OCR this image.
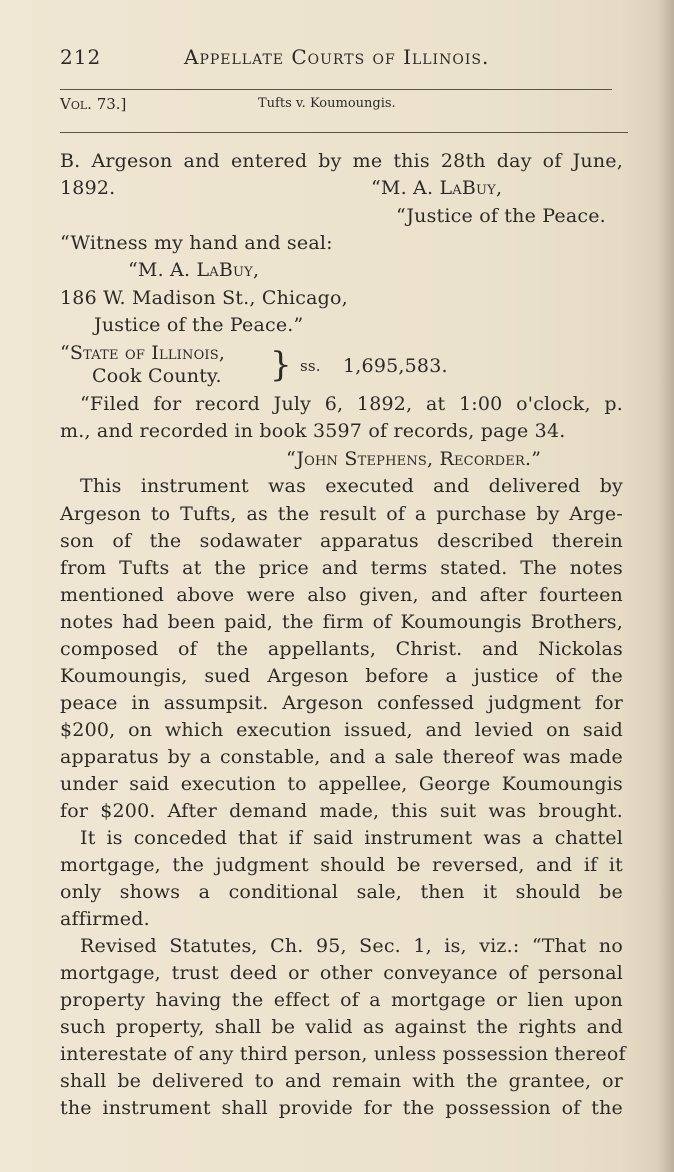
212	Appellate Courts of Illinois.
Vol. 73.]	Tufts v. Koumoungis.
B. Argeson and entered by me this 28th day of June,
1892.	“M. A. LaBuy,
“Justice of the Peace.
“Witness my hand and seal:
“M. A. LaBuy,
186 W. Madison St., Chicago,
Justice of the Peace.”
“State of Illinois,
Cook County. } ss. 1,695,583.
“Filed for record July 6, 1892, at 1:00 o'clock, p.
m., and recorded in book 3597 of records, page 34.
“John Stephens, Recorder.”
This instrument was executed and delivered by
Argeson to Tufts, as the result of a purchase by Arge-
son of the sodawater apparatus described therein
from Tufts at the price and terms stated. The notes
mentioned above were also given, and after fourteen
notes had been paid, the firm of Koumoungis Brothers,
composed of the appellants, Christ. and Nickolas
Koumoungis, sued Argeson before a justice of the
peace in assumpsit. Argeson confessed judgment for
$200, on which execution issued, and levied on said
apparatus by a constable, and a sale thereof was made
under said execution to appellee, George Koumoungis
for $200. After demand made, this suit was brought.
It is conceded that if said instrument was a chattel
mortgage, the judgment should be reversed, and if it
only shows a conditional sale, then it should be
affirmed.
Revised Statutes, Ch. 95, Sec. 1, is, viz.: “That no
mortgage, trust deed or other conveyance of personal
property having the effect of a mortgage or lien upon
such property, shall be valid as against the rights and
interestate of any third person, unless possession thereof
shall be delivered to and remain with the grantee, or
the instrument shall provide for the possession of the
